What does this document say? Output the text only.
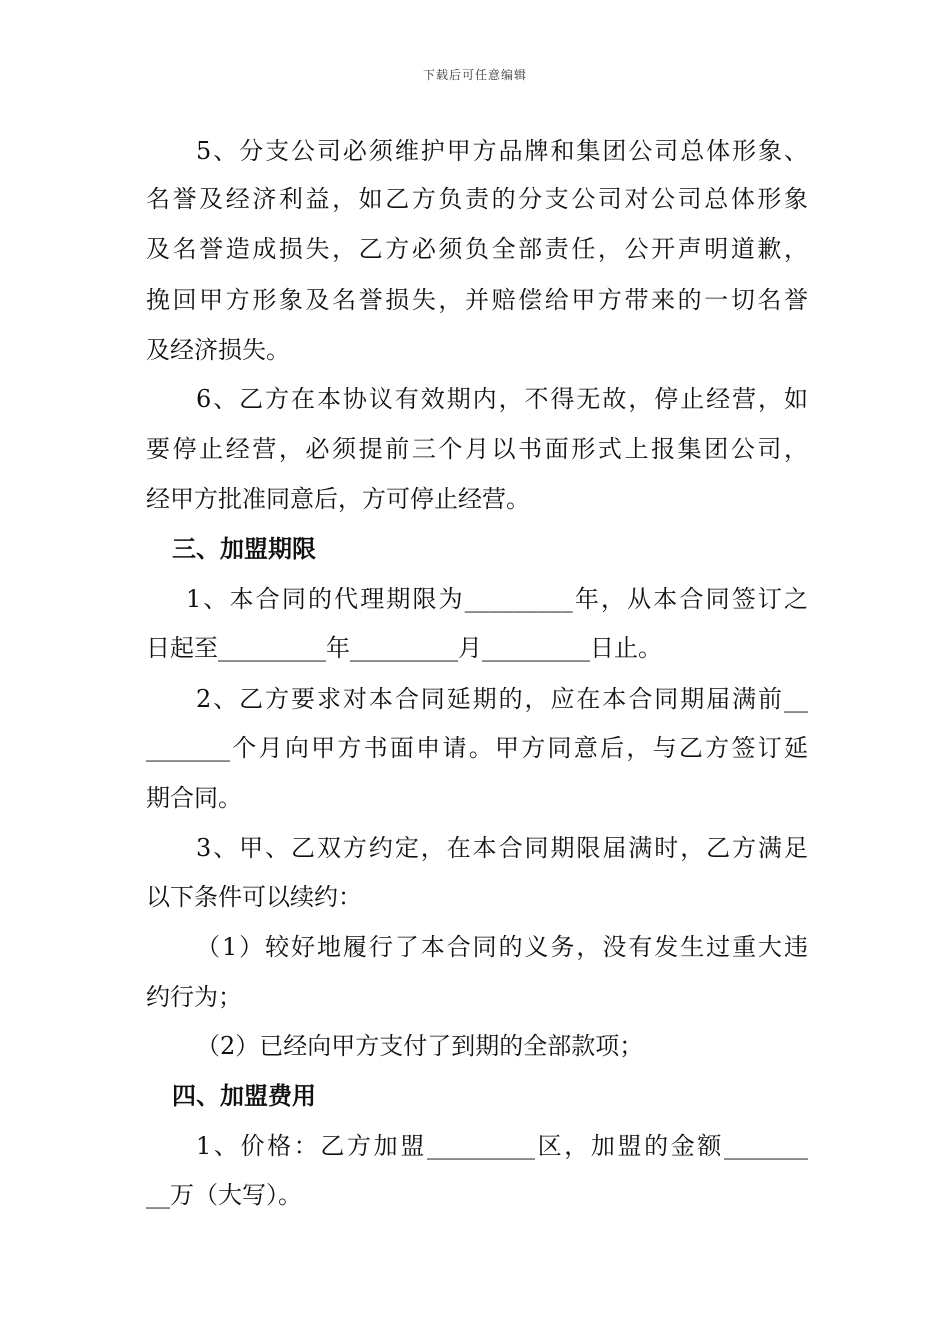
下载后可任意编辑
5、分支公司必须维护甲方品牌和集团公司总体形象、
名誉及经济利益，如乙方负责的分支公司对公司总体形象
及名誉造成损失，乙方必须负全部责任，公开声明道歉，
挽回甲方形象及名誉损失，并赔偿给甲方带来的一切名誉
及经济损失。
6、乙方在本协议有效期内，不得无故，停止经营，如
要停止经营，必须提前三个月以书面形式上报集团公司，
经甲方批准同意后，方可停止经营。
三、加盟期限
1、本合同的代理期限为_________年，从本合同签订之
日起至_________年_________月_________日止。
2、乙方要求对本合同延期的，应在本合同期届满前__
_______个月向甲方书面申请。甲方同意后，与乙方签订延
期合同。
3、甲、乙双方约定，在本合同期限届满时，乙方满足
以下条件可以续约：
（1）较好地履行了本合同的义务，没有发生过重大违
约行为；
（2）已经向甲方支付了到期的全部款项；
四、加盟费用
1、价格：乙方加盟_________区，加盟的金额_______
__万（大写）。
